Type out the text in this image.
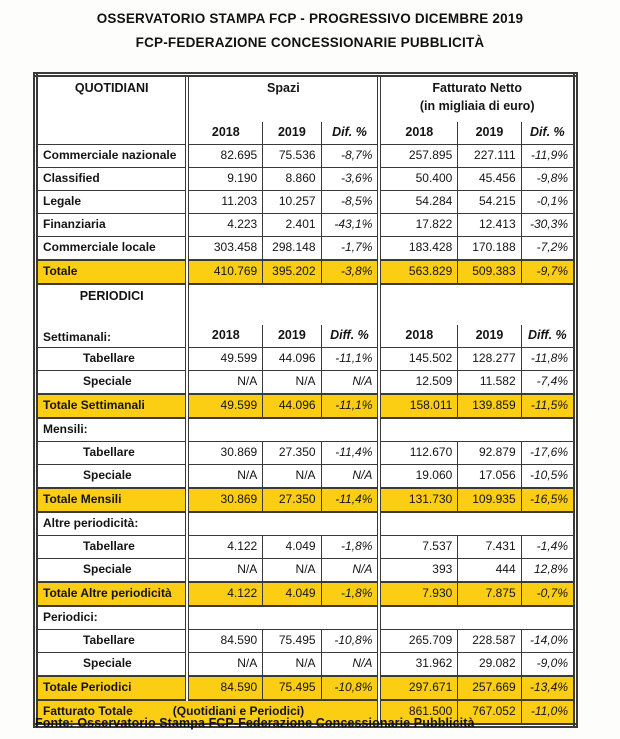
OSSERVATORIO STAMPA FCP - PROGRESSIVO DICEMBRE 2019
FCP-FEDERAZIONE CONCESSIONARIE PUBBLICITÀ
QUOTIDIANI	Spazi			Fatturato Netto
(in migliaia di euro)		

	2018	2019	Dif. %	2018	2019	Dif. %
Commerciale nazionale	82.695	75.536	-8,7%	257.895	227.111	-11,9%
Classified	9.190	8.860	-3,6%	50.400	45.456	-9,8%
Legale	11.203	10.257	-8,5%	54.284	54.215	-0,1%
Finanziaria	4.223	2.401	-43,1%	17.822	12.413	-30,3%
Commerciale locale	303.458	298.148	-1,7%	183.428	170.188	-7,2%
Totale	410.769	395.202	-3,8%	563.829	509.383	-9,7%

PERIODICI
Settimanali:						

	2018	2019	Diff. %	2018	2019	Diff. %
Tabellare	49.599	44.096	-11,1%	145.502	128.277	-11,8%
Speciale	N/A	N/A	N/A	12.509	11.582	-7,4%
Totale Settimanali	49.599	44.096	-11,1%	158.011	139.859	-11,5%
Mensili:						
Tabellare	30.869	27.350	-11,4%	112.670	92.879	-17,6%
Speciale	N/A	N/A	N/A	19.060	17.056	-10,5%
Totale Mensili	30.869	27.350	-11,4%	131.730	109.935	-16,5%
Altre periodicità:						
Tabellare	4.122	4.049	-1,8%	7.537	7.431	-1,4%
Speciale	N/A	N/A	N/A	393	444	12,8%
Totale Altre periodicità	4.122	4.049	-1,8%	7.930	7.875	-0,7%
Periodici:						
Tabellare	84.590	75.495	-10,8%	265.709	228.587	-14,0%
Speciale	N/A	N/A	N/A	31.962	29.082	-9,0%
Totale Periodici	84.590	75.495	-10,8%	297.671	257.669	-13,4%
Fatturato Totale (Quotidiani e Periodici)				861.500	767.052	-11,0%
Fonte: Osservatorio Stampa FCP-Federazione Concessionarie Pubblicità
